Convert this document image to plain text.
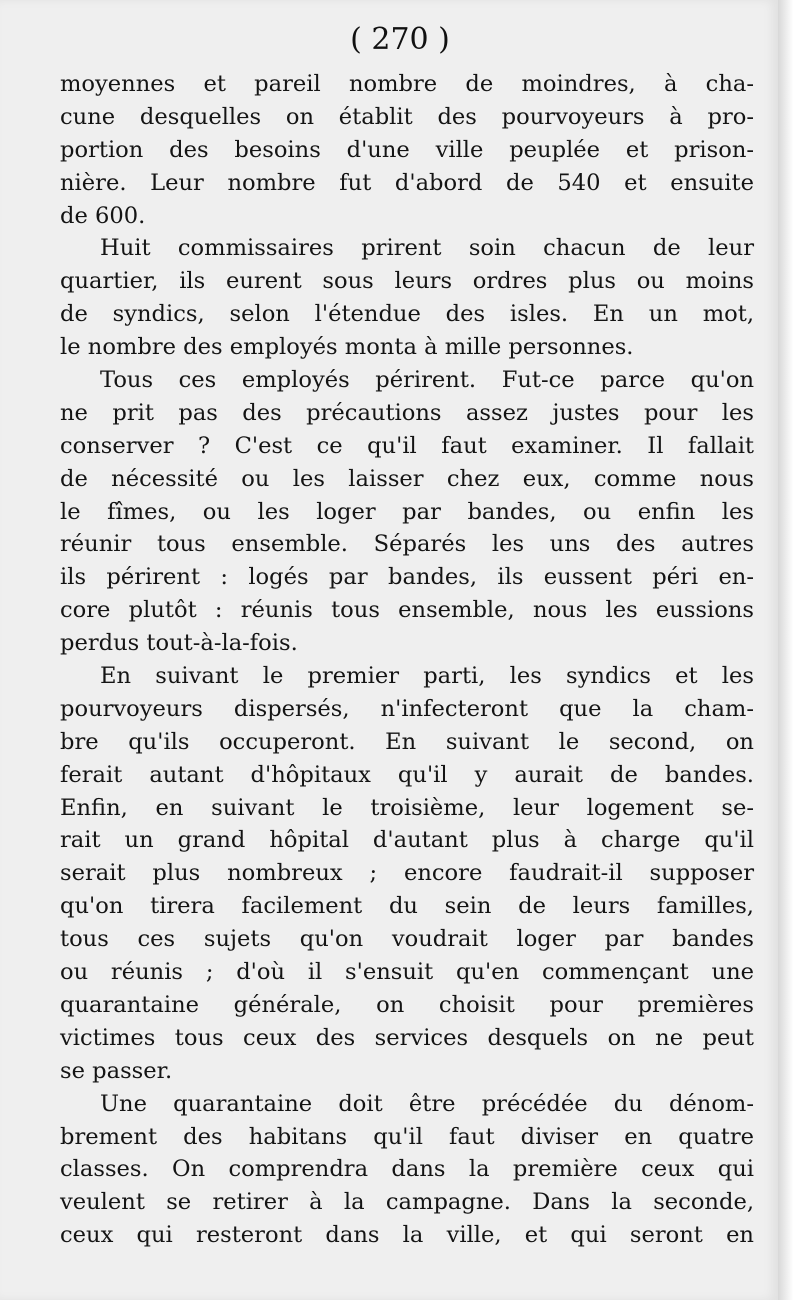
( 270 )
moyennes et pareil nombre de moindres, à cha-
cune desquelles on établit des pourvoyeurs à pro-
portion des besoins d'une ville peuplée et prison-
nière. Leur nombre fut d'abord de 540 et ensuite
de 600.
Huit commissaires prirent soin chacun de leur
quartier, ils eurent sous leurs ordres plus ou moins
de syndics, selon l'étendue des isles. En un mot,
le nombre des employés monta à mille personnes.
Tous ces employés périrent. Fut-ce parce qu'on
ne prit pas des précautions assez justes pour les
conserver ? C'est ce qu'il faut examiner. Il fallait
de nécessité ou les laisser chez eux, comme nous
le fîmes, ou les loger par bandes, ou enfin les
réunir tous ensemble. Séparés les uns des autres
ils périrent : logés par bandes, ils eussent péri en-
core plutôt : réunis tous ensemble, nous les eussions
perdus tout-à-la-fois.
En suivant le premier parti, les syndics et les
pourvoyeurs dispersés, n'infecteront que la cham-
bre qu'ils occuperont. En suivant le second, on
ferait autant d'hôpitaux qu'il y aurait de bandes.
Enfin, en suivant le troisième, leur logement se-
rait un grand hôpital d'autant plus à charge qu'il
serait plus nombreux ; encore faudrait-il supposer
qu'on tirera facilement du sein de leurs familles,
tous ces sujets qu'on voudrait loger par bandes
ou réunis ; d'où il s'ensuit qu'en commençant une
quarantaine générale, on choisit pour premières
victimes tous ceux des services desquels on ne peut
se passer.
Une quarantaine doit être précédée du dénom-
brement des habitans qu'il faut diviser en quatre
classes. On comprendra dans la première ceux qui
veulent se retirer à la campagne. Dans la seconde,
ceux qui resteront dans la ville, et qui seront en
